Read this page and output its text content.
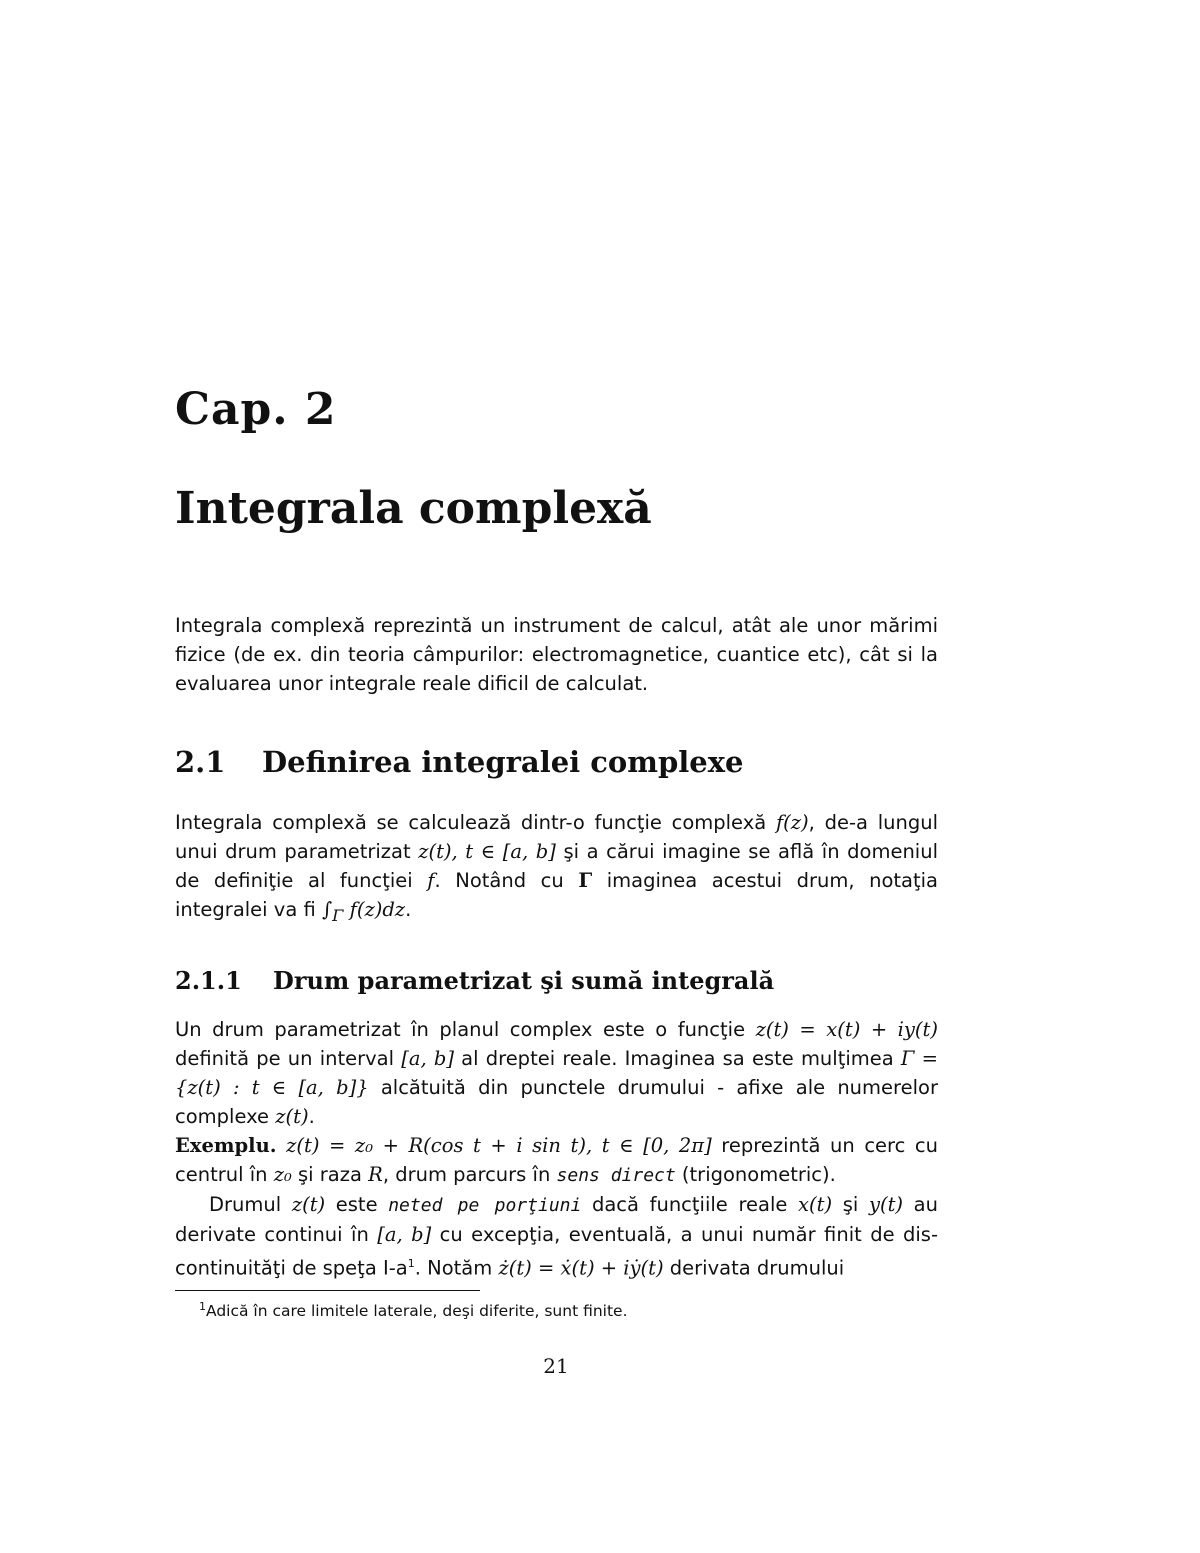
Cap. 2
Integrala complexă
Integrala complexă reprezintă un instrument de calcul, atât ale unor mărimi fizice (de ex. din teoria câmpurilor: electromagnetice, cuantice etc), cât si la evaluarea unor integrale reale dificil de calculat.
2.1 Definirea integralei complexe

Integrala complexă se calculează dintr-o funcţie complexă f(z), de-a lungul unui drum parametrizat z(t), t ∈ [a, b] şi a cărui imagine se află în domeniul de definiţie al funcţiei f. Notând cu Γ imaginea acestui drum, notaţia integralei va fi $\int_\Gamma$ f(z)dz.

2.1.1 Drum parametrizat şi sumă integrală

Un drum parametrizat în planul complex este o funcţie z(t) = x(t) + iy(t) definită pe un interval [a, b] al dreptei reale. Imaginea sa este mulţimea Γ = {z(t) : t ∈ [a, b]} alcătuită din punctele drumului - afixe ale numerelor complexe z(t).
Exemplu. z(t) = z₀ + R(cos t + i sin t), t ∈ [0, 2π] reprezintă un cerc cu centrul în z₀ şi raza R, drum parcurs în sens direct (trigonometric).

Drumul z(t) este neted pe porţiuni dacă funcţiile reale x(t) şi y(t) au derivate continui în [a, b] cu excepţia, eventuală, a unui număr finit de dis-continuităţi de speţa $I-a^1$. Notăm ż(t) = ẋ(t) + iẏ(t) derivata drumului

$^1$Adică în care limitele laterale, deşi diferite, sunt finite.

21
